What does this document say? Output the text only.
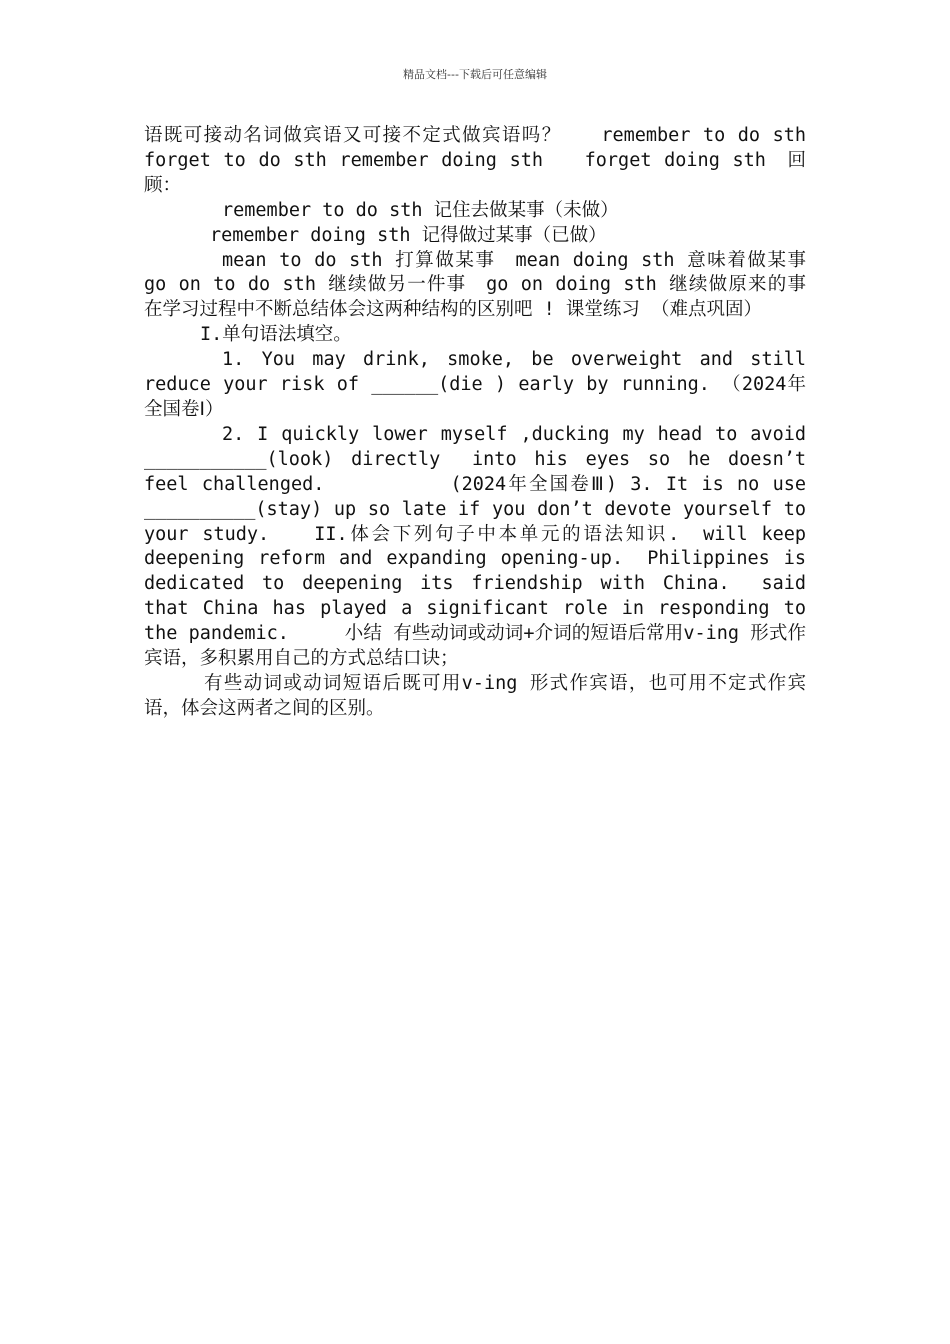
精品文档---下载后可任意编辑

语既可接动名词做宾语又可接不定式做宾语吗？　　remember to do sth　　forget to do sth remember doing sth　　forget doing sth　回顾：

remember to do sth 记住去做某事（未做）

remember doing sth 记得做过某事（已做）

mean to do sth 打算做某事　mean doing sth 意味着做某事　go on to do sth 继续做另一件事　go on doing sth 继续做原来的事　在学习过程中不断总结体会这两种结构的区别吧 ! 课堂练习 （难点巩固）

I.单句语法填空。

1. You may drink, smoke, be overweight and still reduce your risk of ______(die ) early by running. （2024年全国卷Ⅰ）

2. I quickly lower myself ,ducking my head to avoid ___________(look) directly　into his eyes so he doesn’t feel challenged.　　　　　　(2024年全国卷Ⅲ) 3. It is no use __________(stay) up so late if you don’t devote yourself to your study.　　II.体会下列句子中本单元的语法知识.　will keep deepening reform and expanding opening-up.　Philippines is dedicated to deepening its friendship with China.　said that China has played a significant role in responding to the pandemic.　　　小结 有些动词或动词+介词的短语后常用v-ing 形式作宾语，多积累用自己的方式总结口诀；

有些动词或动词短语后既可用v-ing 形式作宾语，也可用不定式作宾语，体会这两者之间的区别。
